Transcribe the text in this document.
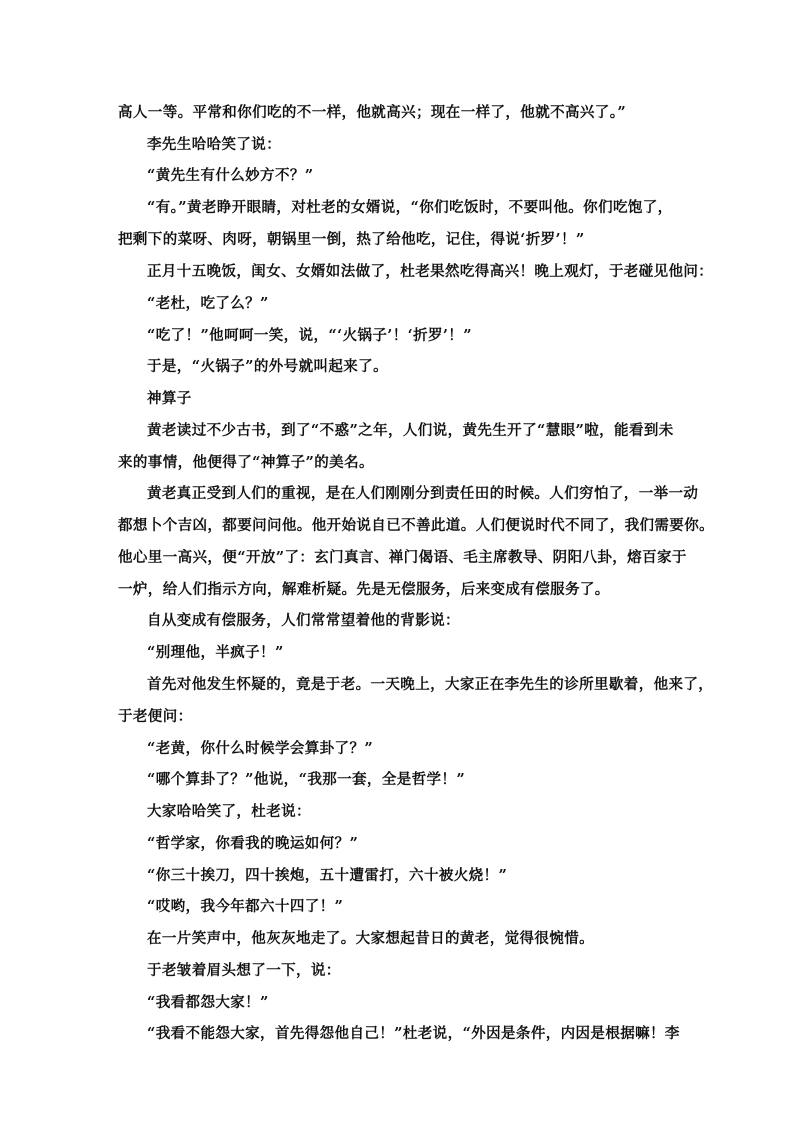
高人一等。平常和你们吃的不一样，他就高兴；现在一样了，他就不高兴了。”
李先生哈哈笑了说：
“黄先生有什么妙方不？”
“有。”黄老睁开眼睛，对杜老的女婿说，“你们吃饭时，不要叫他。你们吃饱了，
把剩下的菜呀、肉呀，朝锅里一倒，热了给他吃，记住，得说‘折罗’！”
正月十五晚饭，闺女、女婿如法做了，杜老果然吃得高兴！晚上观灯，于老碰见他问：
“老杜，吃了么？”
“吃了！”他呵呵一笑，说，“‘火锅子’！‘折罗’！”
于是，“火锅子”的外号就叫起来了。
神算子
黄老读过不少古书，到了“不惑”之年，人们说，黄先生开了“慧眼”啦，能看到未
来的事情，他便得了“神算子”的美名。
黄老真正受到人们的重视，是在人们刚刚分到责任田的时候。人们穷怕了，一举一动
都想卜个吉凶，都要问问他。他开始说自已不善此道。人们便说时代不同了，我们需要你。
他心里一高兴，便“开放”了：玄门真言、禅门偈语、毛主席教导、阴阳八卦，熔百家于
一炉，给人们指示方向，解难析疑。先是无偿服务，后来变成有偿服务了。
自从变成有偿服务，人们常常望着他的背影说：
“别理他，半疯子！”
首先对他发生怀疑的，竟是于老。一天晚上，大家正在李先生的诊所里歇着，他来了，
于老便问：
“老黄，你什么时候学会算卦了？”
“哪个算卦了？”他说，“我那一套，全是哲学！”
大家哈哈笑了，杜老说：
“哲学家，你看我的晚运如何？”
“你三十挨刀，四十挨炮，五十遭雷打，六十被火烧！”
“哎哟，我今年都六十四了！”
在一片笑声中，他灰灰地走了。大家想起昔日的黄老，觉得很惋惜。
于老皱着眉头想了一下，说：
“我看都怨大家！”
“我看不能怨大家，首先得怨他自己！”杜老说，“外因是条件，内因是根据嘛！李
